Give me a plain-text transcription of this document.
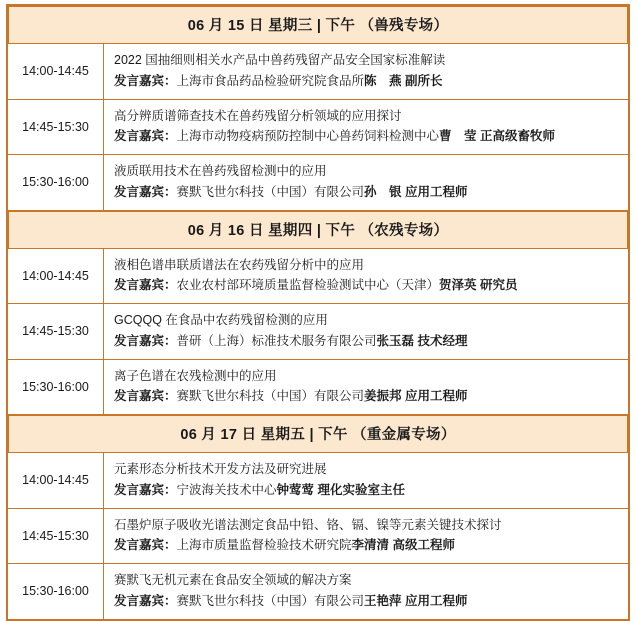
06 月 15 日 星期三 | 下午 （兽残专场）
14:00-14:45
2022 国抽细则相关水产品中兽药残留产品安全国家标准解读
发言嘉宾：上海市食品药品检验研究院食品所陈　燕 副所长
14:45-15:30
高分辨质谱筛查技术在兽药残留分析领域的应用探讨
发言嘉宾：上海市动物疫病预防控制中心兽药饲料检测中心曹　莹 正高级畜牧师
15:30-16:00
液质联用技术在兽药残留检测中的应用
发言嘉宾：赛默飞世尔科技（中国）有限公司孙　银 应用工程师
06 月 16 日 星期四 | 下午 （农残专场）
14:00-14:45
液相色谱串联质谱法在农药残留分析中的应用
发言嘉宾：农业农村部环境质量监督检验测试中心（天津）贺泽英 研究员
14:45-15:30
GCQQQ 在食品中农药残留检测的应用
发言嘉宾：普研（上海）标准技术服务有限公司张玉磊 技术经理
15:30-16:00
离子色谱在农残检测中的应用
发言嘉宾：赛默飞世尔科技（中国）有限公司姜振邦 应用工程师
06 月 17 日 星期五 | 下午 （重金属专场）
14:00-14:45
元素形态分析技术开发方法及研究进展
发言嘉宾：宁波海关技术中心钟莺莺 理化实验室主任
14:45-15:30
石墨炉原子吸收光谱法测定食品中铅、铬、镉、镍等元素关键技术探讨
发言嘉宾：上海市质量监督检验技术研究院李清清 高级工程师
15:30-16:00
赛默飞无机元素在食品安全领域的解决方案
发言嘉宾：赛默飞世尔科技（中国）有限公司王艳萍 应用工程师
